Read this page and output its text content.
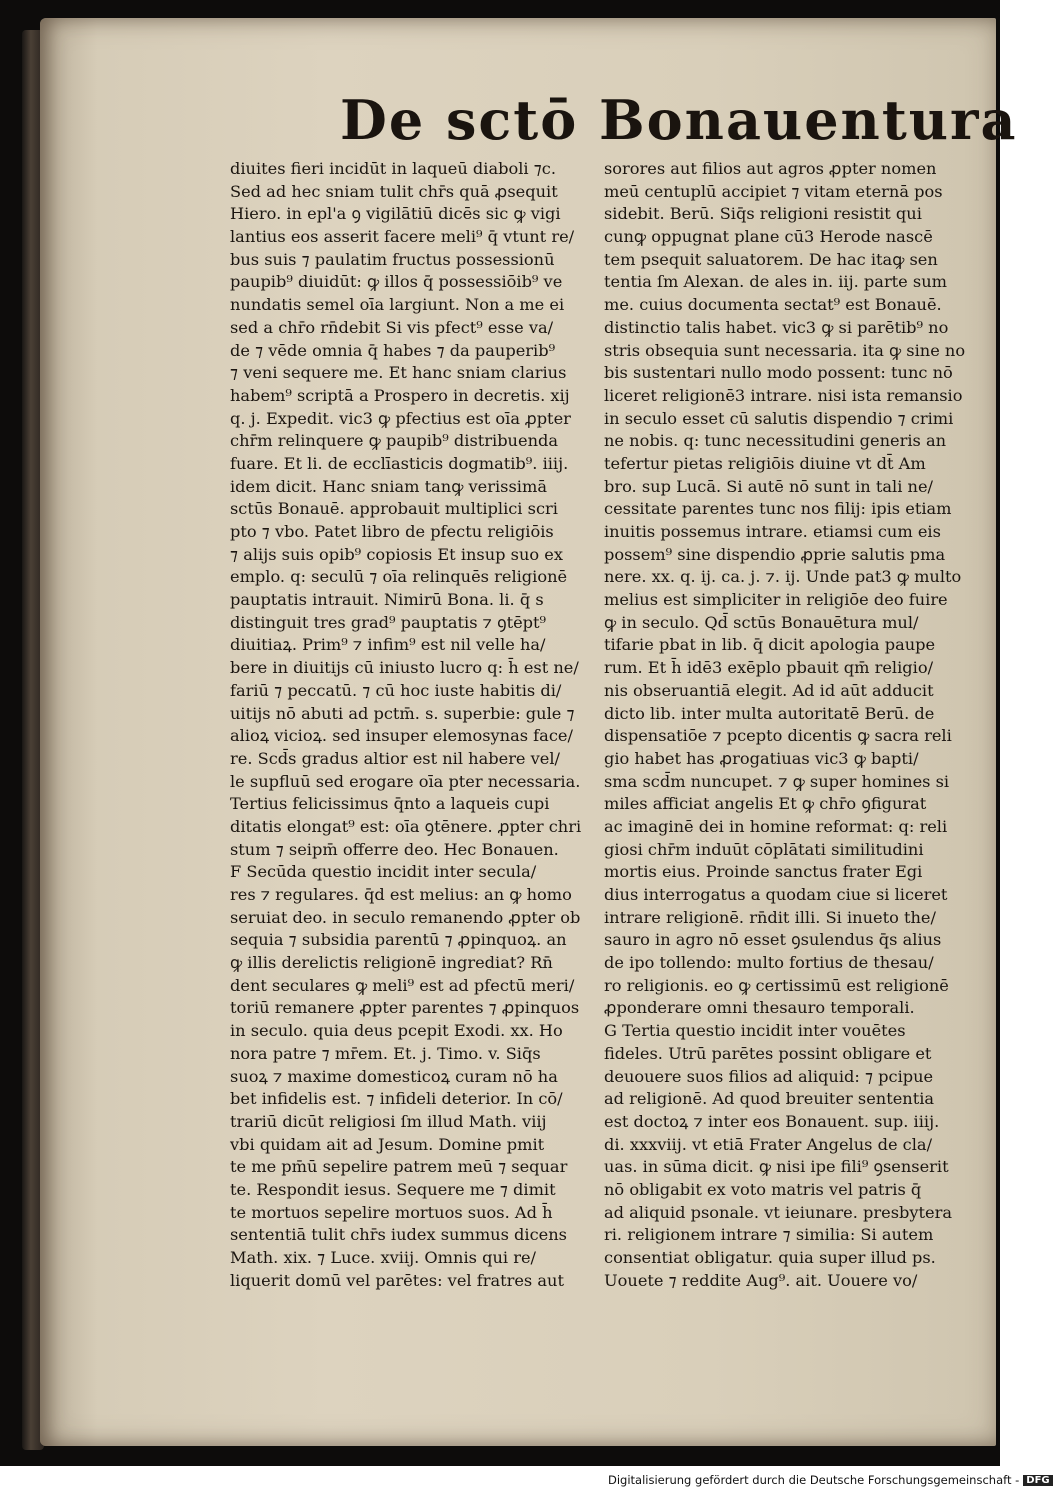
De sctō Bonauentura
diuites fieri incidūt in laqueū diaboli ⁊c.
Sed ad hec sniam tulit chr̄s quā ꝓsequit
Hiero. in epl'a ꝯ vigilātiū dicēs sic ꝙ vigi
lantius eos asserit facere meli⁹ q̄ vtunt re/
bus suis ⁊ paulatim fructus possessionū
paupib⁹ diuidūt: ꝙ illos q̄ possessiōib⁹ ve
nundatis semel oīa largiunt. Non a me ei
sed a chr̄o rn̄debit Si vis pfect⁹ esse va/
de ⁊ vēde omnia q̄ habes ⁊ da pauperib⁹
⁊ veni sequere me. Et hanc sniam clarius
habem⁹ scriptā a Prospero in decretis. xij
q. j. Expedit. vic3 ꝙ pfectius est oīa ꝓpter
chr̄m relinquere ꝙ paupib⁹ distribuenda
fuare. Et li. de ecclīasticis dogmatib⁹. iiij.
idem dicit. Hanc sniam tanꝙ verissimā
sctūs Bonauē. approbauit multiplici scri
pto ⁊ vbo. Patet libro de pfectu religiōis
⁊ alijs suis opib⁹ copiosis Et insup suo ex
emplo. q: seculū ⁊ oīa relinquēs religionē
pauptatis intrauit. Nimirū Bona. li. q̄ s
distinguit tres grad⁹ pauptatis ⁊ ꝯtēpt⁹
diuitiaꝝ. Prim⁹ ⁊ infim⁹ est nil velle ha/
bere in diuitijs cū iniusto lucro q: h̄ est ne/
fariū ⁊ peccatū. ⁊ cū hoc iuste habitis di/
uitijs nō abuti ad pctm̄. s. superbie: gule ⁊
alioꝝ vicioꝝ. sed insuper elemosynas face/
re. Scd̄s gradus altior est nil habere vel/
le supfluū sed erogare oīa pter necessaria.
Tertius felicissimus q̄nto a laqueis cupi
ditatis elongat⁹ est: oīa ꝯtēnere. ꝓpter chri
stum ⁊ seipm̄ offerre deo. Hec Bonauen.
F Secūda questio incidit inter secula/
res ⁊ regulares. q̄d est melius: an ꝙ homo
seruiat deo. in seculo remanendo ꝓpter ob
sequia ⁊ subsidia parentū ⁊ ꝓpinquoꝝ. an
ꝙ illis derelictis religionē ingrediat? Rn̄
dent seculares ꝙ meli⁹ est ad pfectū meri/
toriū remanere ꝓpter parentes ⁊ ꝓpinquos
in seculo. quia deus pcepit Exodi. xx. Ho
nora patre ⁊ mr̄em. Et. j. Timo. v. Siq̄s
suoꝝ ⁊ maxime domesticoꝝ curam nō ha
bet infidelis est. ⁊ infideli deterior. In cō/
trariū dicūt religiosi ſm illud Math. viij
vbi quidam ait ad Jesum. Domine pmit
te me pm̄ū sepelire patrem meū ⁊ sequar
te. Respondit iesus. Sequere me ⁊ dimit
te mortuos sepelire mortuos suos. Ad h̄
sententiā tulit chr̄s iudex summus dicens
Math. xix. ⁊ Luce. xviij. Omnis qui re/
liquerit domū vel parētes: vel fratres aut
sorores aut filios aut agros ꝓpter nomen
meū centuplū accipiet ⁊ vitam eternā pos
sidebit. Berū. Siq̄s religioni resistit qui
cunꝙ oppugnat plane cū3 Herode nascē
tem psequit saluatorem. De hac itaꝙ sen
tentia ſm Alexan. de ales in. iij. parte sum
me. cuius documenta sectat⁹ est Bonauē.
distinctio talis habet. vic3 ꝙ si parētib⁹ no
stris obsequia sunt necessaria. ita ꝙ sine no
bis sustentari nullo modo possent: tunc nō
liceret religionē3 intrare. nisi ista remansio
in seculo esset cū salutis dispendio ⁊ crimi
ne nobis. q: tunc necessitudini generis an
tefertur pietas religiōis diuine vt dt̄ Am
bro. sup Lucā. Si autē nō sunt in tali ne/
cessitate parentes tunc nos filij: ipis etiam
inuitis possemus intrare. etiamsi cum eis
possem⁹ sine dispendio ꝓprie salutis pma
nere. xx. q. ij. ca. j. ⁊. ij. Unde pat3 ꝙ multo
melius est simpliciter in religiōe deo fuire
ꝙ in seculo. Qd̄ sctūs Bonauētura mul/
tifarie pbat in lib. q̄ dicit apologia paupe
rum. Et h̄ idē3 exēplo pbauit qm̄ religio/
nis obseruantiā elegit. Ad id aūt adducit
dicto lib. inter multa autoritatē Berū. de
dispensatiōe ⁊ pcepto dicentis ꝙ sacra reli
gio habet has ꝓrogatiuas vic3 ꝙ bapti/
sma scd̄m nuncupet. ⁊ ꝙ super homines si
miles afficiat angelis Et ꝙ chr̄o ꝯfigurat
ac imaginē dei in homine reformat: q: reli
giosi chr̄m induūt cōplātati similitudini
mortis eius. Proinde sanctus frater Egi
dius interrogatus a quodam ciue si liceret
intrare religionē. rn̄dit illi. Si inueto the/
sauro in agro nō esset ꝯsulendus q̄s alius
de ipo tollendo: multo fortius de thesau/
ro religionis. eo ꝙ certissimū est religionē
ꝓponderare omni thesauro temporali.
G Tertia questio incidit inter vouētes
fideles. Utrū parētes possint obligare et
deuouere suos filios ad aliquid: ⁊ pcipue
ad religionē. Ad quod breuiter sententia
est doctoꝝ ⁊ inter eos Bonauent. sup. iiij.
di. xxxviij. vt etiā Frater Angelus de cla/
uas. in sūma dicit. ꝙ nisi ipe fili⁹ ꝯsenserit
nō obligabit ex voto matris vel patris q̄
ad aliquid psonale. vt ieiunare. presbytera
ri. religionem intrare ⁊ similia: Si autem
consentiat obligatur. quia super illud ps.
Uouete ⁊ reddite Aug⁹. ait. Uouere vo/
Digitalisierung gefördert durch die Deutsche Forschungsgemeinschaft - DFG
